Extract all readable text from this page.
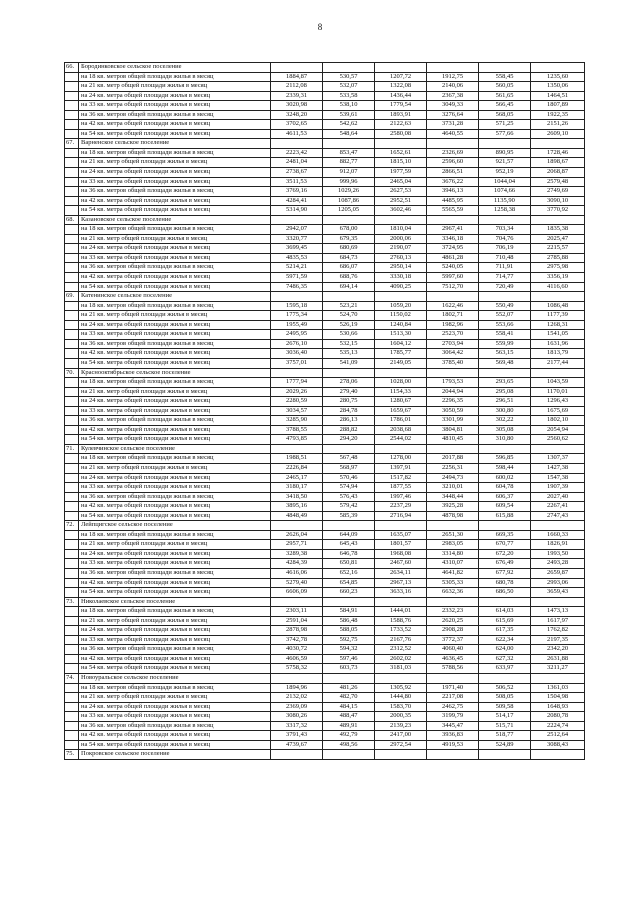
8
66.	Бородинковское сельское поселение						
	на 18 кв. метров общей площади жилья в месяц	1884,87	530,57	1207,72	1912,75	558,45	1235,60
	на 21 кв. метр общей площади жилья в месяц	2112,08	532,07	1322,08	2140,06	560,05	1350,06
	на 24 кв. метра общей площади жилья в месяц	2339,31	533,58	1436,44	2367,38	561,65	1464,51
	на 33 кв. метра общей площади жилья в месяц	3020,98	538,10	1779,54	3049,33	566,45	1807,89
	на 36 кв. метров общей площади жилья в месяц	3248,20	539,61	1893,91	3276,64	568,05	1922,35
	на 42 кв. метра общей площади жилья в месяц	3702,65	542,62	2122,63	3731,28	571,25	2151,26
	на 54 кв. метра общей площади жилья в месяц	4611,53	548,64	2580,08	4640,55	577,66	2609,10
67.	Варненское сельское поселение						
	на 18 кв. метров общей площади жилья в месяц	2223,42	853,47	1652,61	2326,69	890,95	1728,46
	на 21 кв. метр общей площади жилья в месяц	2481,04	882,77	1815,10	2596,60	921,57	1898,67
	на 24 кв. метра общей площади жилья в месяц	2738,67	912,07	1977,59	2866,51	952,19	2068,87
	на 33 кв. метра общей площади жилья в месяц	3511,53	999,96	2465,04	3676,22	1044,04	2579,48
	на 36 кв. метров общей площади жилья в месяц	3769,16	1029,26	2627,53	3946,13	1074,66	2749,69
	на 42 кв. метра общей площади жилья в месяц	4284,41	1087,86	2952,51	4485,95	1135,90	3090,10
	на 54 кв. метра общей площади жилья в месяц	5314,90	1205,05	3602,46	5565,59	1258,38	3770,92
68.	Казановское сельское поселение						
	на 18 кв. метров общей площади жилья в месяц	2942,07	678,00	1810,04	2967,41	703,34	1835,38
	на 21 кв. метр общей площади жилья в месяц	3320,77	679,35	2000,06	3346,18	704,76	2025,47
	на 24 кв. метра общей площади жилья в месяц	3699,45	680,69	2190,07	3724,95	706,19	2215,57
	на 33 кв. метра общей площади жилья в месяц	4835,53	684,73	2760,13	4861,28	710,48	2785,88
	на 36 кв. метров общей площади жилья в месяц	5214,21	686,07	2950,14	5240,05	711,91	2975,98
	на 42 кв. метра общей площади жилья в месяц	5971,59	688,76	3330,18	5997,60	714,77	3356,19
	на 54 кв. метра общей площади жилья в месяц	7486,35	694,14	4090,25	7512,70	720,49	4116,60
69.	Катенинское сельское поселение						
	на 18 кв. метров общей площади жилья в месяц	1595,18	523,21	1059,20	1622,46	550,49	1086,48
	на 21 кв. метр общей площади жилья в месяц	1775,34	524,70	1150,02	1802,71	552,07	1177,39
	на 24 кв. метра общей площади жилья в месяц	1955,49	526,19	1240,84	1982,96	553,66	1268,31
	на 33 кв. метра общей площади жилья в месяц	2495,95	530,66	1513,30	2523,70	558,41	1541,05
	на 36 кв. метров общей площади жилья в месяц	2676,10	532,15	1604,12	2703,94	559,99	1631,96
	на 42 кв. метра общей площади жилья в месяц	3036,40	535,13	1785,77	3064,42	563,15	1813,79
	на 54 кв. метра общей площади жилья в месяц	3757,01	541,09	2149,05	3785,40	569,48	2177,44
70.	Краснооктябрьское сельское поселение						
	на 18 кв. метров общей площади жилья в месяц	1777,94	278,06	1028,00	1793,53	293,65	1043,59
	на 21 кв. метр общей площади жилья в месяц	2029,26	279,40	1154,33	2044,94	295,08	1170,01
	на 24 кв. метра общей площади жилья в месяц	2280,59	280,75	1280,67	2296,35	296,51	1296,43
	на 33 кв. метра общей площади жилья в месяц	3034,57	284,78	1659,67	3050,59	300,80	1675,69
	на 36 кв. метров общей площади жилья в месяц	3285,90	286,13	1786,01	3301,99	302,22	1802,10
	на 42 кв. метра общей площади жилья в месяц	3788,55	288,82	2038,68	3804,81	305,08	2054,94
	на 54 кв. метра общей площади жилья в месяц	4793,85	294,20	2544,02	4810,45	310,80	2560,62
71.	Кулевчинское сельское поселение						
	на 18 кв. метров общей площади жилья в месяц	1988,51	567,48	1278,00	2017,88	596,85	1307,37
	на 21 кв. метр общей площади жилья в месяц	2226,84	568,97	1397,91	2256,31	598,44	1427,38
	на 24 кв. метра общей площади жилья в месяц	2465,17	570,46	1517,82	2494,73	600,02	1547,38
	на 33 кв. метра общей площади жилья в месяц	3180,17	574,94	1877,55	3210,01	604,78	1907,39
	на 36 кв. метров общей площади жилья в месяц	3418,50	576,43	1997,46	3448,44	606,37	2027,40
	на 42 кв. метра общей площади жилья в месяц	3895,16	579,42	2237,29	3925,28	609,54	2267,41
	на 54 кв. метра общей площади жилья в месяц	4848,49	585,39	2716,94	4878,98	615,88	2747,43
72.	Лейпцигское сельское поселение						
	на 18 кв. метров общей площади жилья в месяц	2626,04	644,09	1635,07	2651,30	669,35	1660,33
	на 21 кв. метр общей площади жилья в месяц	2957,71	645,43	1801,57	2983,05	670,77	1826,91
	на 24 кв. метра общей площади жилья в месяц	3289,38	646,78	1968,08	3314,80	672,20	1993,50
	на 33 кв. метра общей площади жилья в месяц	4284,39	650,81	2467,60	4310,07	676,49	2493,28
	на 36 кв. метров общей площади жилья в месяц	4616,06	652,16	2634,11	4641,82	677,92	2659,87
	на 42 кв. метра общей площади жилья в месяц	5279,40	654,85	2967,13	5305,33	680,78	2993,06
	на 54 кв. метра общей площади жилья в месяц	6606,09	660,23	3633,16	6632,36	686,50	3659,43
73.	Николаевское сельское поселение						
	на 18 кв. метров общей площади жилья в месяц	2303,11	584,91	1444,01	2332,23	614,03	1473,13
	на 21 кв. метр общей площади жилья в месяц	2591,04	586,48	1588,76	2620,25	615,69	1617,97
	на 24 кв. метра общей площади жилья в месяц	2878,98	588,05	1733,52	2908,28	617,35	1762,82
	на 33 кв. метра общей площади жилья в месяц	3742,78	592,75	2167,76	3772,37	622,34	2197,35
	на 36 кв. метров общей площади жилья в месяц	4030,72	594,32	2312,52	4060,40	624,00	2342,20
	на 42 кв. метра общей площади жилья в месяц	4606,59	597,46	2602,02	4636,45	627,32	2631,88
	на 54 кв. метра общей площади жилья в месяц	5758,32	603,73	3181,03	5788,56	633,97	3211,27
74.	Новоуральское сельское поселение						
	на 18 кв. метров общей площади жилья в месяц	1894,96	481,26	1305,92	1971,40	506,52	1361,03
	на 21 кв. метр общей площади жилья в месяц	2132,02	482,70	1444,80	2217,08	508,05	1504,98
	на 24 кв. метра общей площади жилья в месяц	2369,09	484,15	1583,70	2462,75	509,58	1648,93
	на 33 кв. метра общей площади жилья в месяц	3080,26	488,47	2000,35	3199,79	514,17	2080,78
	на 36 кв. метров общей площади жилья в месяц	3317,32	489,91	2139,23	3445,47	515,71	2224,74
	на 42 кв. метра общей площади жилья в месяц	3791,43	492,79	2417,00	3936,83	518,77	2512,64
	на 54 кв. метра общей площади жилья в месяц	4739,67	498,56	2972,54	4919,53	524,89	3088,43
75.	Покровское сельское поселение						
